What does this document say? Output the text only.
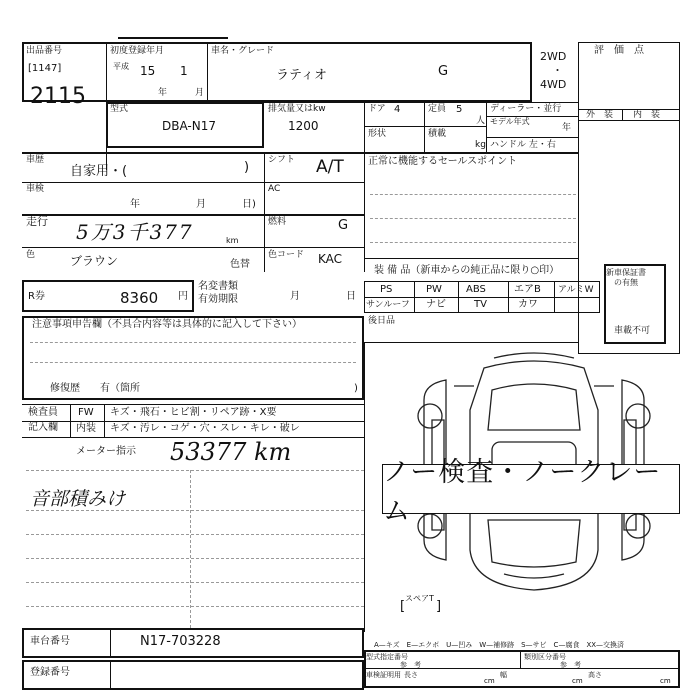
出品番号
[1147]
2115
初度登録年月
平成 15 1
年	月
車名・グレード
ラティオ	G
2WD
・
4WD
評　価　点
外　装 内　装
型式
DBA-N17
排気量又はkw
1200
ドア 4	定員 5
人
形状	積載
kg
ディーラー・並行
モデル年式
年
ハンドル 左・右
車歴
自家用・(	) シフト A/T
車検
年	月	日)
AC
走行 5万3千377	km
燃料	G
色	ブラウン	色替
色コード KAC
R券	8360 円
名変書類
有効期限	月	日
注意事項申告欄（不具合内容等は具体的に記入して下さい）
修復歴　　有（箇所	)
正常に機能するセールスポイント
装 備 品（新車からの純正品に限り○印）
PS	PW ABS	エアB アルミW
サンルーフ ナビ	TV	カワ
新車保証書
の有無
車載不可
後日品
検査員
記入欄
FW キズ・飛石・ヒビ割・リペア跡・X要
内装 キズ・汚レ・コゲ・穴・スレ・キレ・破レ
メーター指示 53377 km
音部積みけ
ノー検査・ノークレーム
スペアT
[ ]
A—キズ　E—エクボ　U—凹み　W—補修跡　S—サビ　C—腐食　XX—交換済
車台番号	N17-703228
登録番号
型式指定番号
参　考
類別区分番号
参　考
車検証明用 長さ
cm
幅
cm
高さ
cm
